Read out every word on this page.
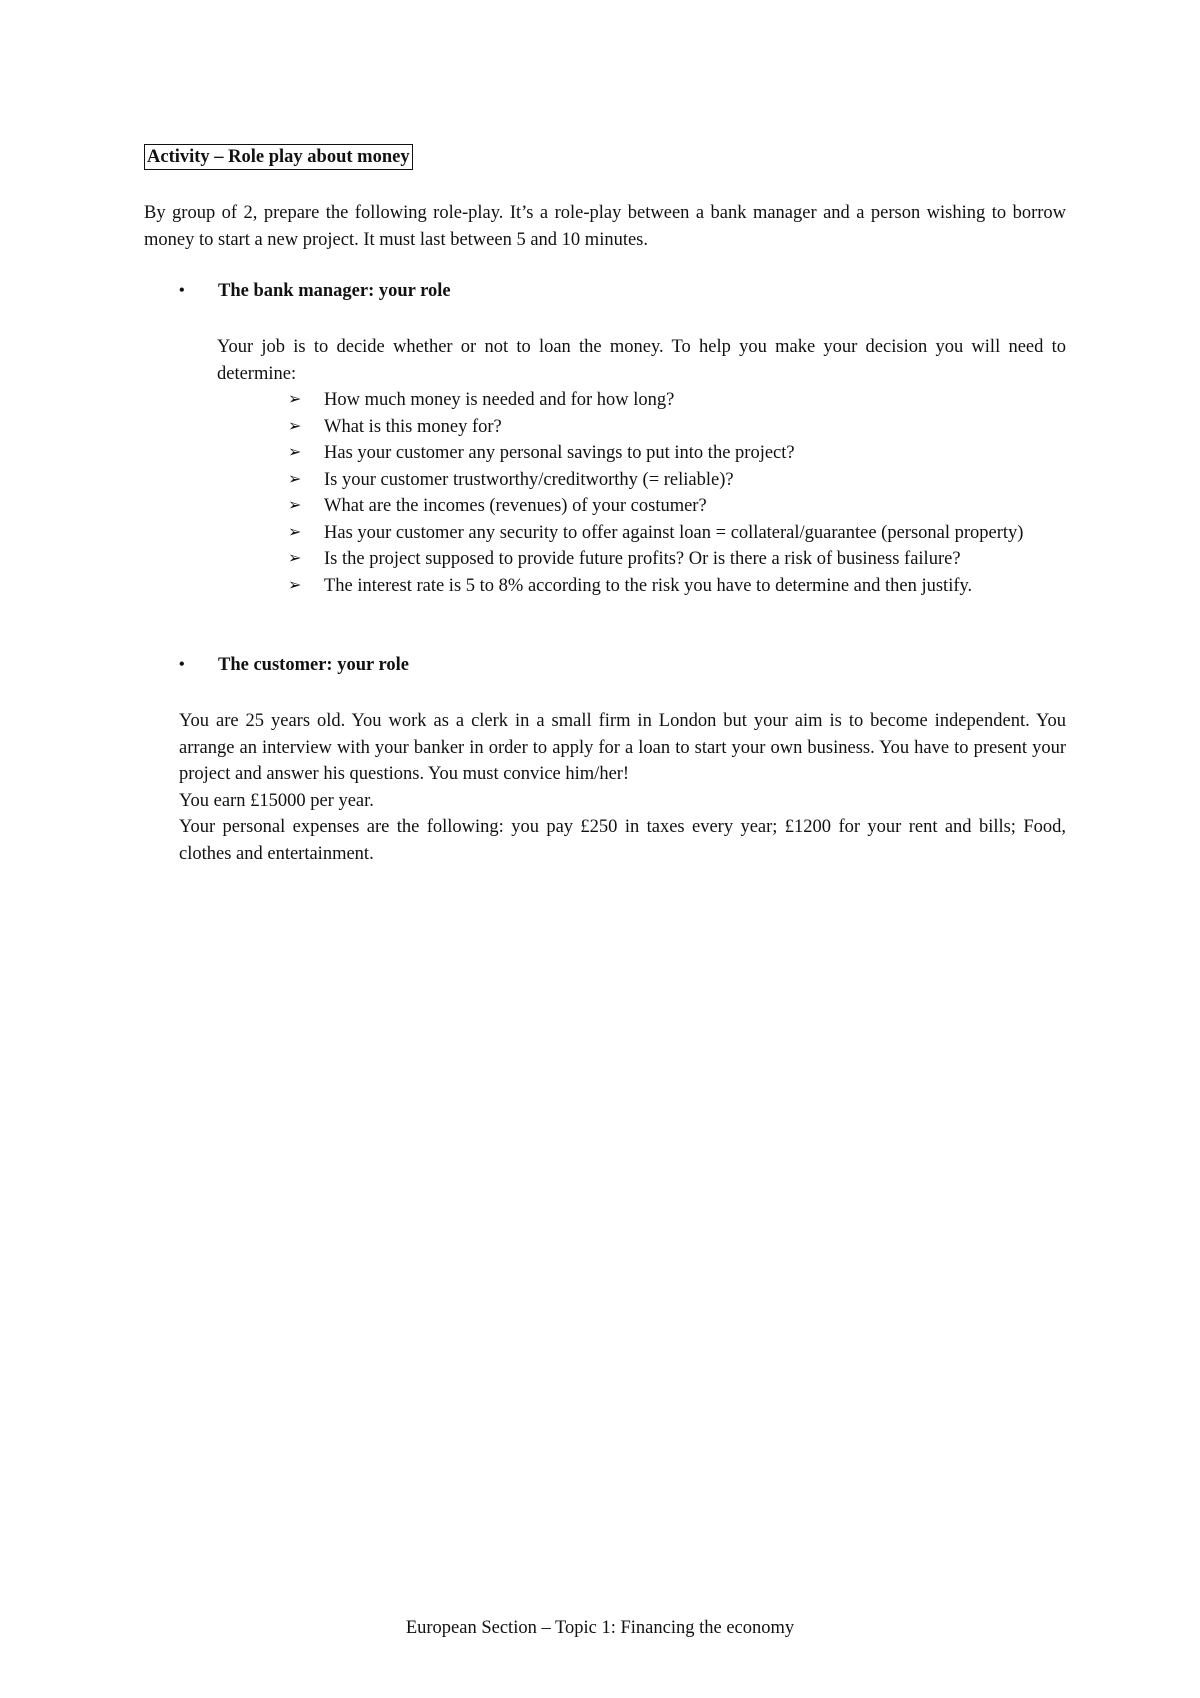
Activity – Role play about money
By group of 2, prepare the following role-play. It’s a role-play between a bank manager and a person wishing to borrow money to start a new project. It must last between 5 and 10 minutes.
•	The bank manager: your role
Your job is to decide whether or not to loan the money. To help you make your decision you will need to determine:
➢	How much money is needed and for how long?
➢	What is this money for?
➢	Has your customer any personal savings to put into the project?
➢	Is your customer trustworthy/creditworthy (= reliable)?
➢	What are the incomes (revenues) of your costumer?
➢	Has your customer any security to offer against loan = collateral/guarantee (personal property)
➢	Is the project supposed to provide future profits? Or is there a risk of business failure?
➢	The interest rate is 5 to 8% according to the risk you have to determine and then justify.
•	The customer: your role

You are 25 years old. You work as a clerk in a small firm in London but your aim is to become independent. You arrange an interview with your banker in order to apply for a loan to start your own business. You have to present your project and answer his questions. You must convice him/her!

You earn £15000 per year.

Your personal expenses are the following: you pay £250 in taxes every year; £1200 for your rent and bills; Food, clothes and entertainment.

European Section – Topic 1: Financing the economy
